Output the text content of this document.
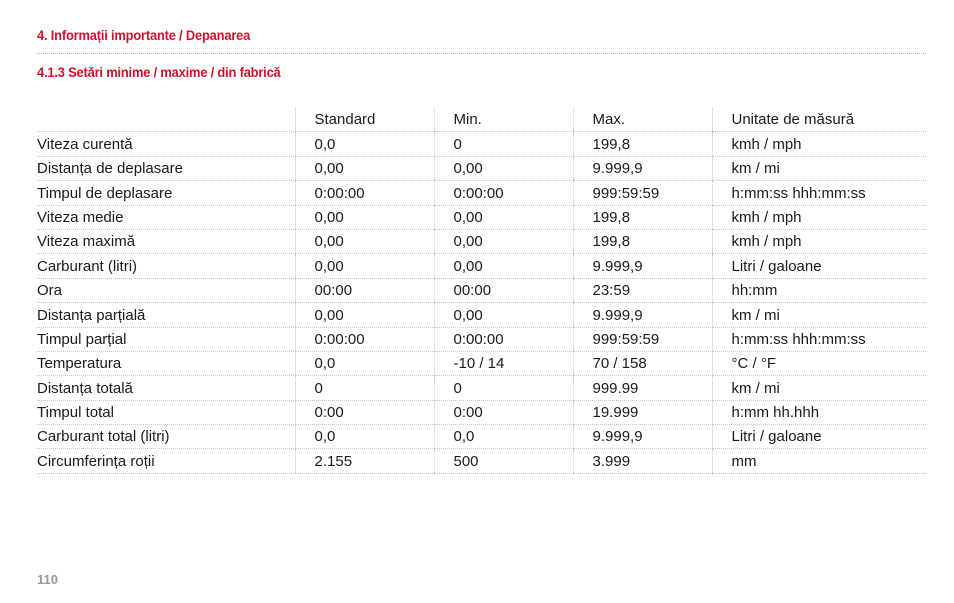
4. Informații importante / Depanarea
4.1.3 Setări minime / maxime / din fabrică
	Standard	Min.	Max.	Unitate de măsură
Viteza curentă	0,0	0	199,8	kmh / mph
Distanța de deplasare	0,00	0,00	9.999,9	km / mi
Timpul de deplasare	0:00:00	0:00:00	999:59:59	h:mm:ss hhh:mm:ss
Viteza medie	0,00	0,00	199,8	kmh / mph
Viteza maximă	0,00	0,00	199,8	kmh / mph
Carburant (litri)	0,00	0,00	9.999,9	Litri / galoane
Ora	00:00	00:00	23:59	hh:mm
Distanța parțială	0,00	0,00	9.999,9	km / mi
Timpul parțial	0:00:00	0:00:00	999:59:59	h:mm:ss hhh:mm:ss
Temperatura	0,0	-10 / 14	70 / 158	°C / °F
Distanța totală	0	0	999.99	km / mi
Timpul total	0:00	0:00	19.999	h:mm hh.hhh
Carburant total (litri)	0,0	0,0	9.999,9	Litri / galoane
Circumferința roții	2.155	500	3.999	mm
110
